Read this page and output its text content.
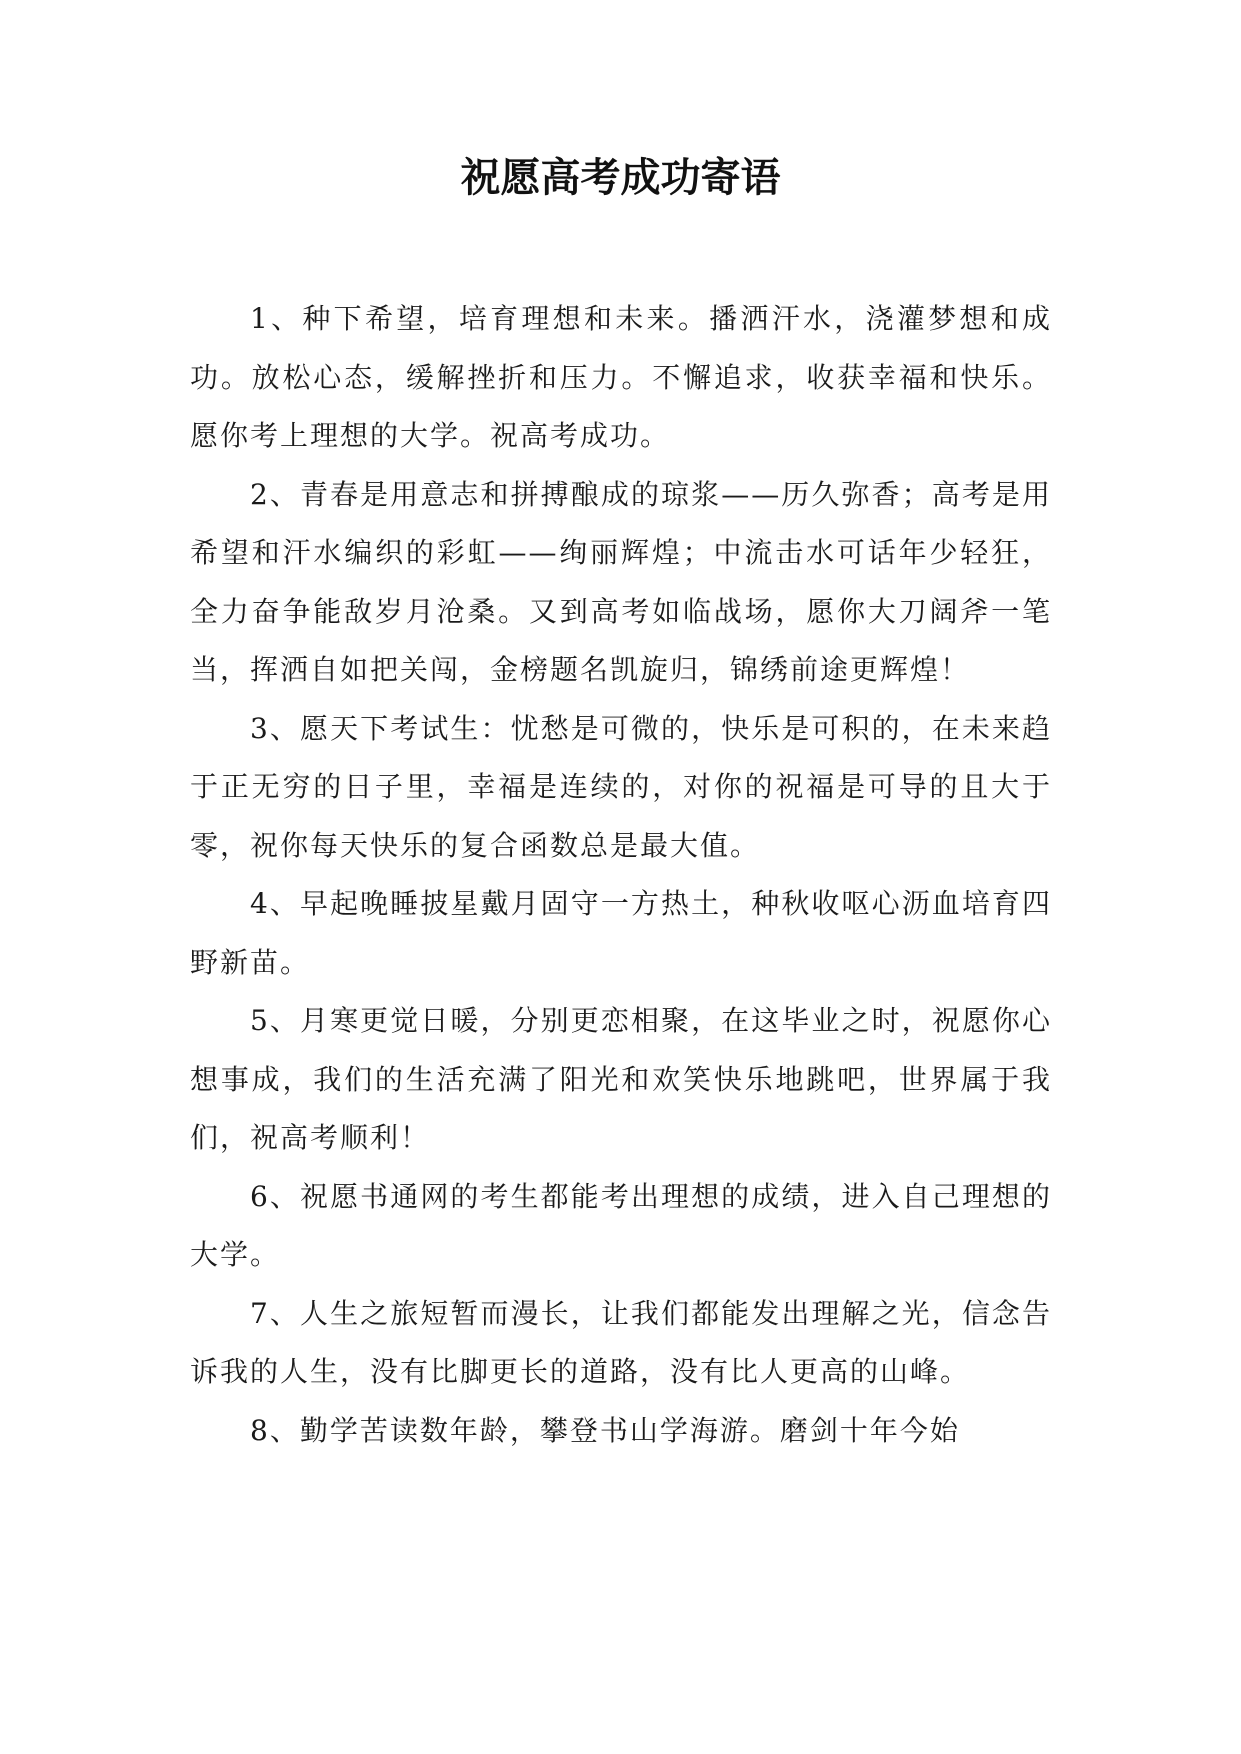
祝愿高考成功寄语

1、种下希望，培育理想和未来。播洒汗水，浇灌梦想和成功。放松心态，缓解挫折和压力。不懈追求，收获幸福和快乐。愿你考上理想的大学。祝高考成功。

2、青春是用意志和拼搏酿成的琼浆——历久弥香；高考是用希望和汗水编织的彩虹——绚丽辉煌；中流击水可话年少轻狂，全力奋争能敌岁月沧桑。又到高考如临战场，愿你大刀阔斧一笔当，挥洒自如把关闯，金榜题名凯旋归，锦绣前途更辉煌！

3、愿天下考试生：忧愁是可微的，快乐是可积的，在未来趋于正无穷的日子里，幸福是连续的，对你的祝福是可导的且大于零，祝你每天快乐的复合函数总是最大值。

4、早起晚睡披星戴月固守一方热土，种秋收呕心沥血培育四野新苗。

5、月寒更觉日暖，分别更恋相聚，在这毕业之时，祝愿你心想事成，我们的生活充满了阳光和欢笑快乐地跳吧，世界属于我们，祝高考顺利！

6、祝愿书通网的考生都能考出理想的成绩，进入自己理想的大学。

7、人生之旅短暂而漫长，让我们都能发出理解之光，信念告诉我的人生，没有比脚更长的道路，没有比人更高的山峰。

8、勤学苦读数年龄，攀登书山学海游。磨剑十年今始
